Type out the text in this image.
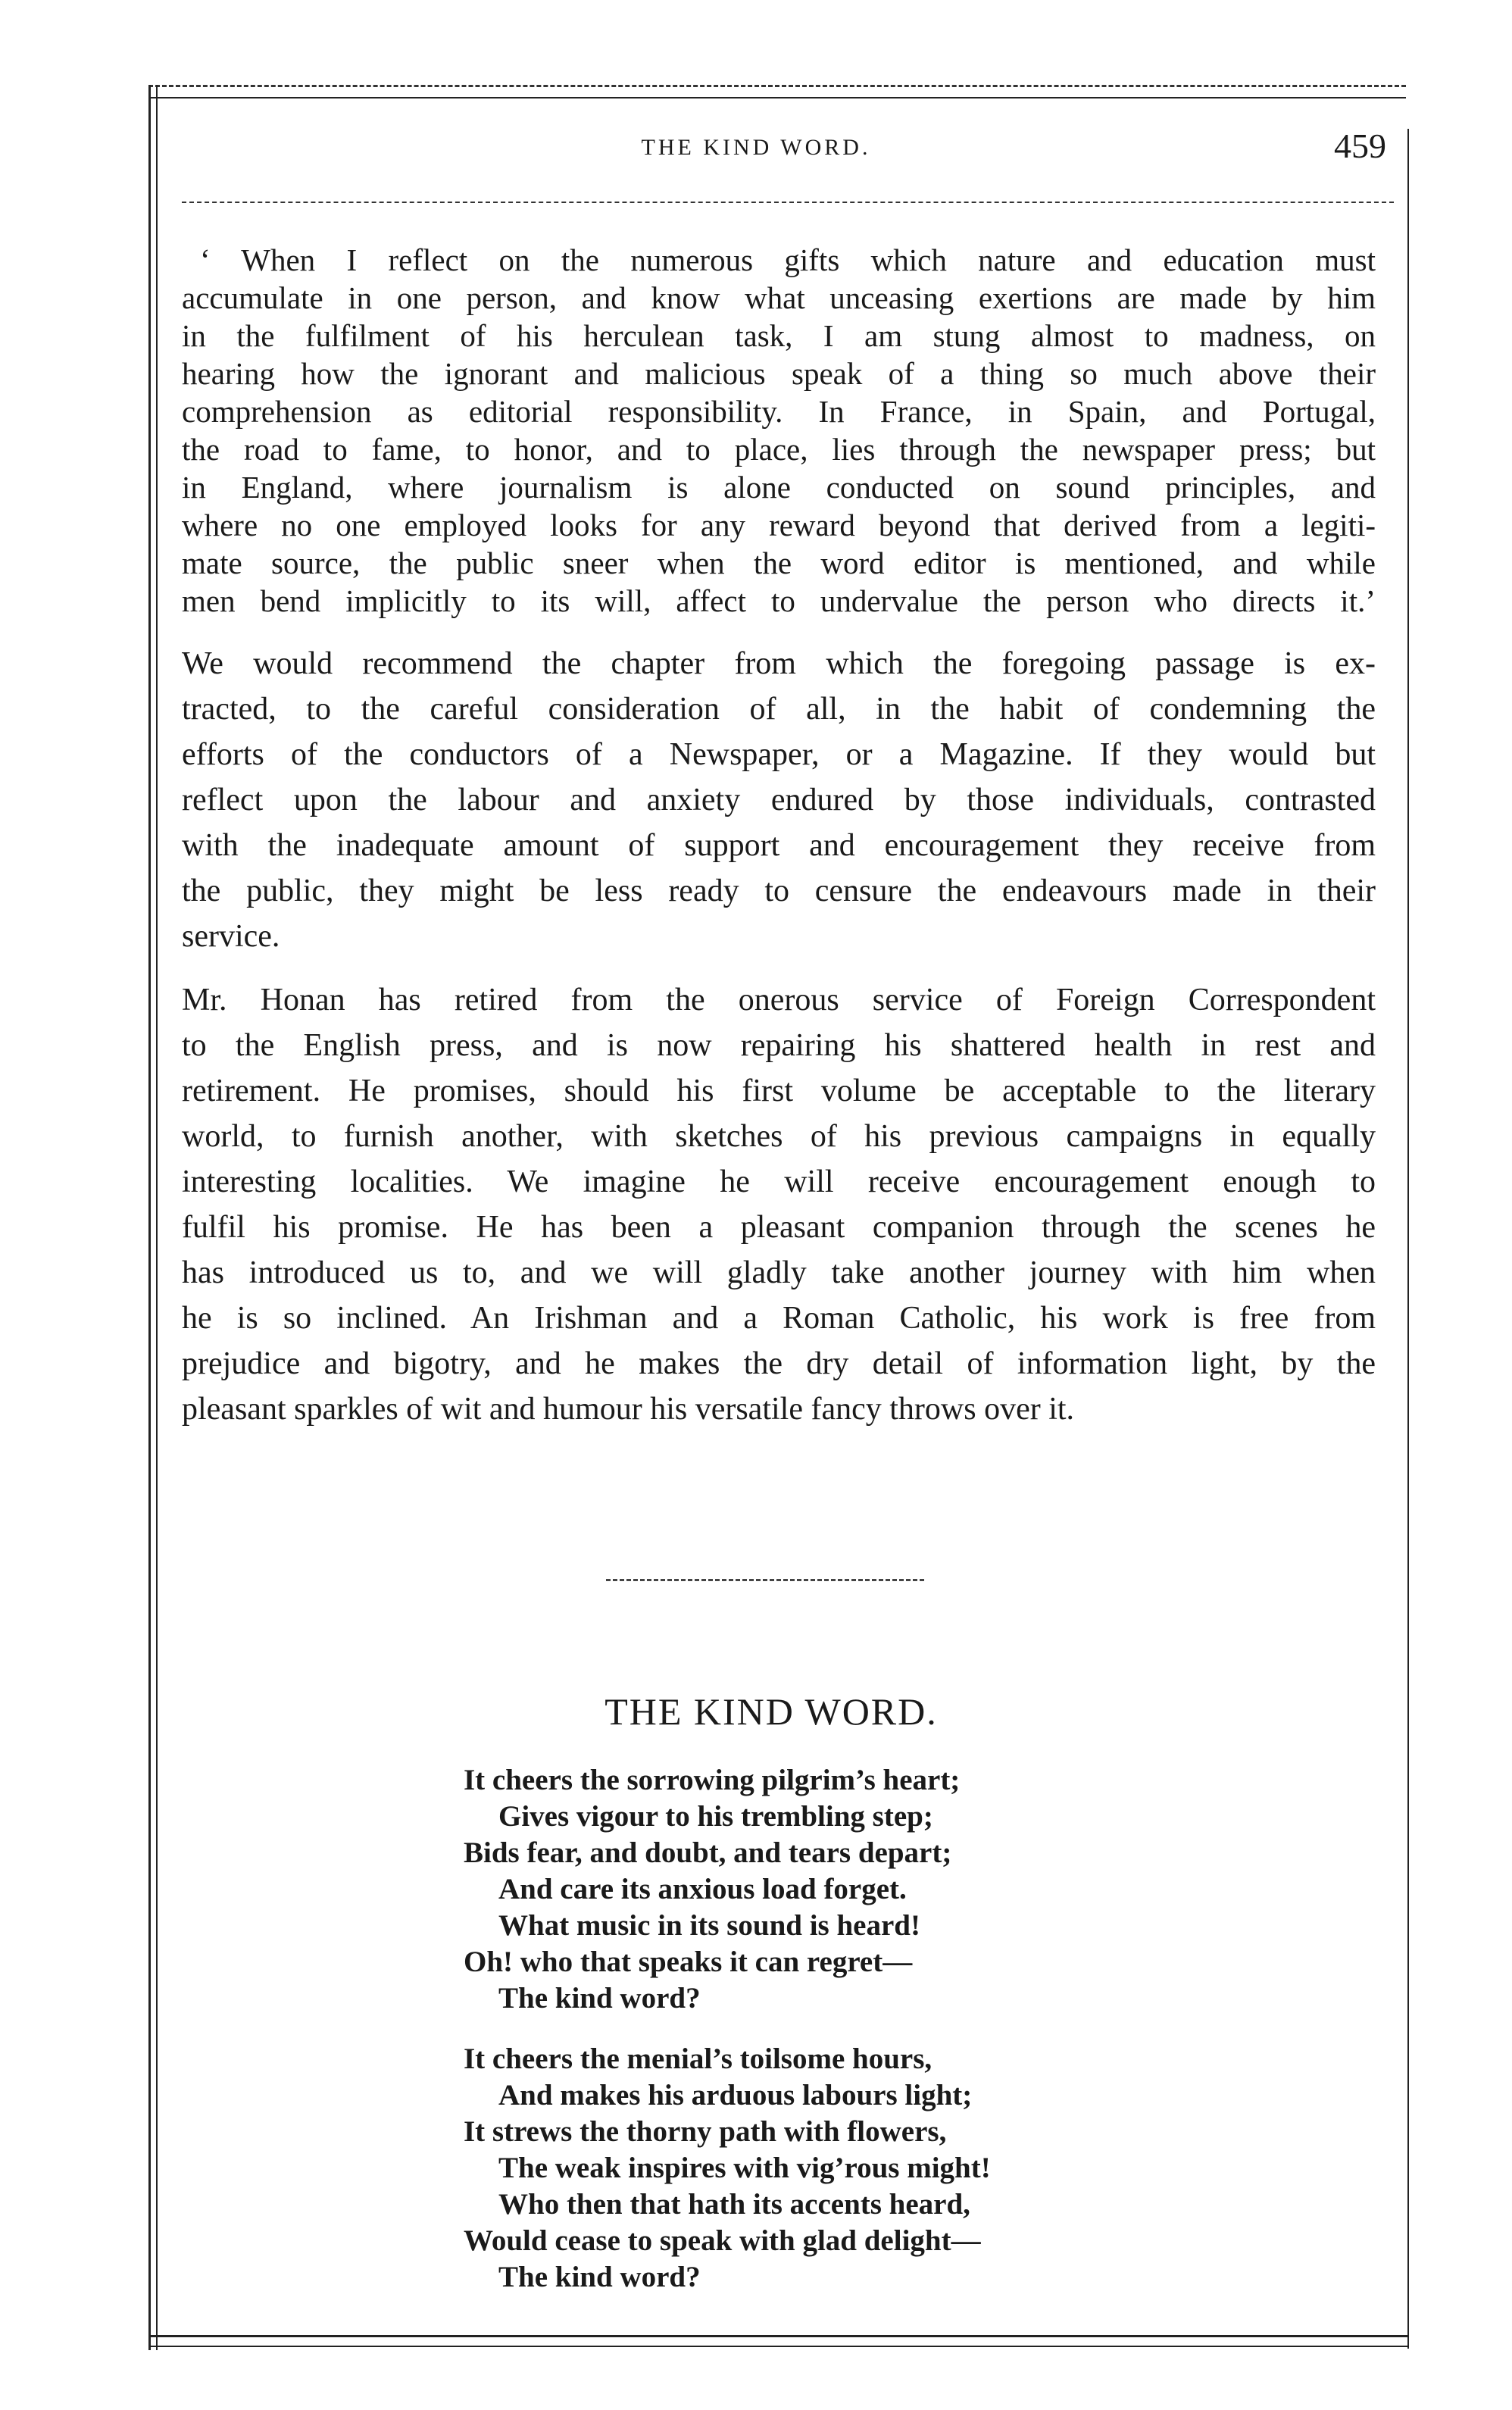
THE KIND WORD.	459
‘ When I reflect on the numerous gifts which nature and education must
accumulate in one person, and know what unceasing exertions are made by him
in the fulfilment of his herculean task, I am stung almost to madness, on
hearing how the ignorant and malicious speak of a thing so much above their
comprehension as editorial responsibility. In France, in Spain, and Portugal,
the road to fame, to honor, and to place, lies through the newspaper press; but
in England, where journalism is alone conducted on sound principles, and
where no one employed looks for any reward beyond that derived from a legiti-
mate source, the public sneer when the word editor is mentioned, and while
men bend implicitly to its will, affect to undervalue the person who directs it.’
We would recommend the chapter from which the foregoing passage is ex-
tracted, to the careful consideration of all, in the habit of condemning the
efforts of the conductors of a Newspaper, or a Magazine. If they would but
reflect upon the labour and anxiety endured by those individuals, contrasted
with the inadequate amount of support and encouragement they receive from
the public, they might be less ready to censure the endeavours made in their
service.
Mr. Honan has retired from the onerous service of Foreign Correspondent
to the English press, and is now repairing his shattered health in rest and
retirement. He promises, should his first volume be acceptable to the literary
world, to furnish another, with sketches of his previous campaigns in equally
interesting localities. We imagine he will receive encouragement enough to
fulfil his promise. He has been a pleasant companion through the scenes he
has introduced us to, and we will gladly take another journey with him when
he is so inclined. An Irishman and a Roman Catholic, his work is free from
prejudice and bigotry, and he makes the dry detail of information light, by the
pleasant sparkles of wit and humour his versatile fancy throws over it.
THE KIND WORD.
It cheers the sorrowing pilgrim’s heart;
Gives vigour to his trembling step;
Bids fear, and doubt, and tears depart;
And care its anxious load forget.
What music in its sound is heard!
Oh! who that speaks it can regret—
The kind word?
It cheers the menial’s toilsome hours,
And makes his arduous labours light;
It strews the thorny path with flowers,
The weak inspires with vig’rous might!
Who then that hath its accents heard,
Would cease to speak with glad delight—
The kind word?
